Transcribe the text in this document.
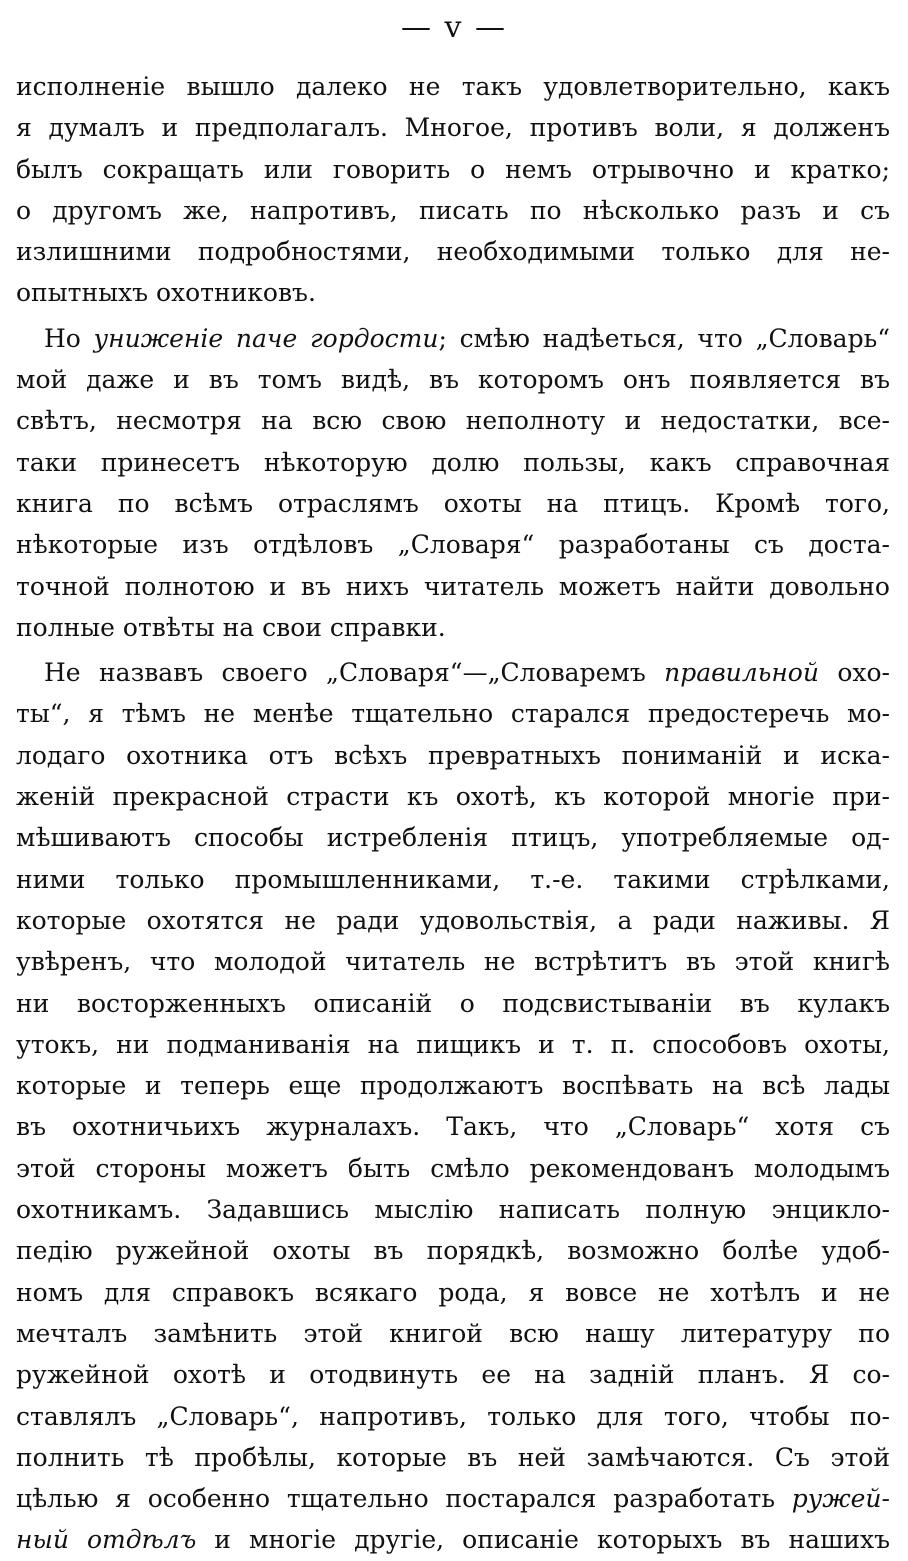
— v —
исполненіе вышло далеко не такъ удовлетворительно, какъ
я думалъ и предполагалъ. Многое, противъ воли, я долженъ
былъ сокращать или говорить о немъ отрывочно и кратко;
о другомъ же, напротивъ, писать по нѣсколько разъ и съ
излишними подробностями, необходимыми только для не-
опытныхъ охотниковъ.
Но униженіе паче гордости; смѣю надѣеться, что „Словарь“
мой даже и въ томъ видѣ, въ которомъ онъ появляется въ
свѣтъ, несмотря на всю свою неполноту и недостатки, все-
таки принесетъ нѣкоторую долю пользы, какъ справочная
книга по всѣмъ отраслямъ охоты на птицъ. Кромѣ того,
нѣкоторые изъ отдѣловъ „Словаря“ разработаны съ доста-
точной полнотою и въ нихъ читатель можетъ найти довольно
полные отвѣты на свои справки.
Не назвавъ своего „Словаря“—„Словаремъ правильной охо-
ты“, я тѣмъ не менѣе тщательно старался предостеречь мо-
лодаго охотника отъ всѣхъ превратныхъ пониманій и иска-
женій прекрасной страсти къ охотѣ, къ которой многіе при-
мѣшиваютъ способы истребленія птицъ, употребляемые од-
ними только промышленниками, т.-е. такими стрѣлками,
которые охотятся не ради удовольствія, а ради наживы. Я
увѣренъ, что молодой читатель не встрѣтитъ въ этой книгѣ
ни восторженныхъ описаній о подсвистываніи въ кулакъ
утокъ, ни подманиванія на пищикъ и т. п. способовъ охоты,
которые и теперь еще продолжаютъ воспѣвать на всѣ лады
въ охотничьихъ журналахъ. Такъ, что „Словарь“ хотя съ
этой стороны можетъ быть смѣло рекомендованъ молодымъ
охотникамъ. Задавшись мыслію написать полную энциклo-
педію ружейной охоты въ порядкѣ, возможно болѣе удоб-
номъ для справокъ всякаго рода, я вовсе не хотѣлъ и не
мечталъ замѣнить этой книгой всю нашу литературу по
ружейной охотѣ и отодвинуть ее на задній планъ. Я со-
ставлялъ „Словарь“, напротивъ, только для того, чтобы по-
полнить тѣ пробѣлы, которые въ ней замѣчаются. Съ этой
цѣлью я особенно тщательно постарался разработать ружей-
ный отдѣлъ и многіе другіе, описаніе которыхъ въ нашихъ
